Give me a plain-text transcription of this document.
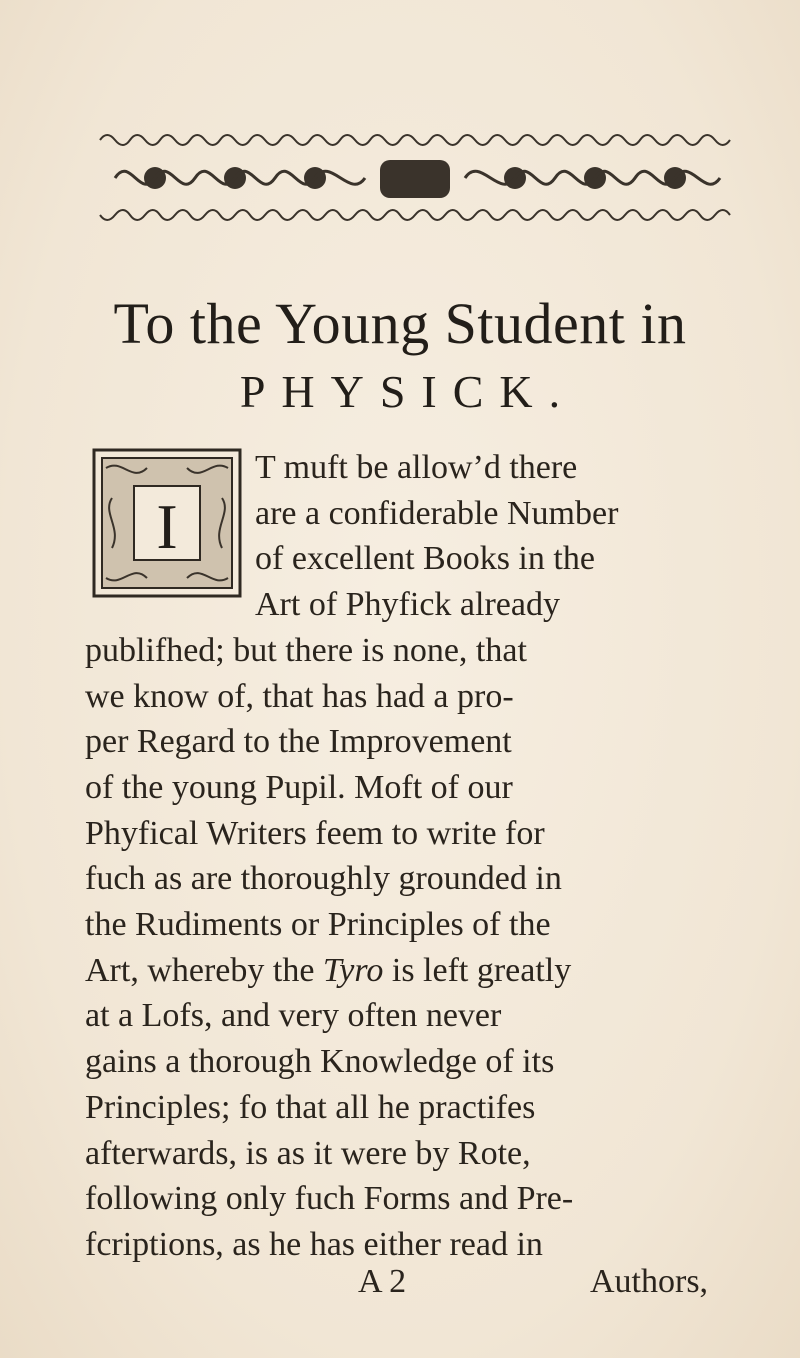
To the Young Student in
PHYSICK.
I

T muft be allow’d there
are a confiderable Number
of excellent Books in the
Art of Phyfick already
publifhed; but there is none, that
we know of, that has had a pro-
per Regard to the Improvement
of the young Pupil. Moft of our
Phyfical Writers feem to write for
fuch as are thoroughly grounded in
the Rudiments or Principles of the
Art, whereby the Tyro is left greatly
at a Lofs, and very often never
gains a thorough Knowledge of its
Principles; fo that all he practifes
afterwards, is as it were by Rote,
following only fuch Forms and Pre-
fcriptions, as he has either read in

A 2	Authors,
